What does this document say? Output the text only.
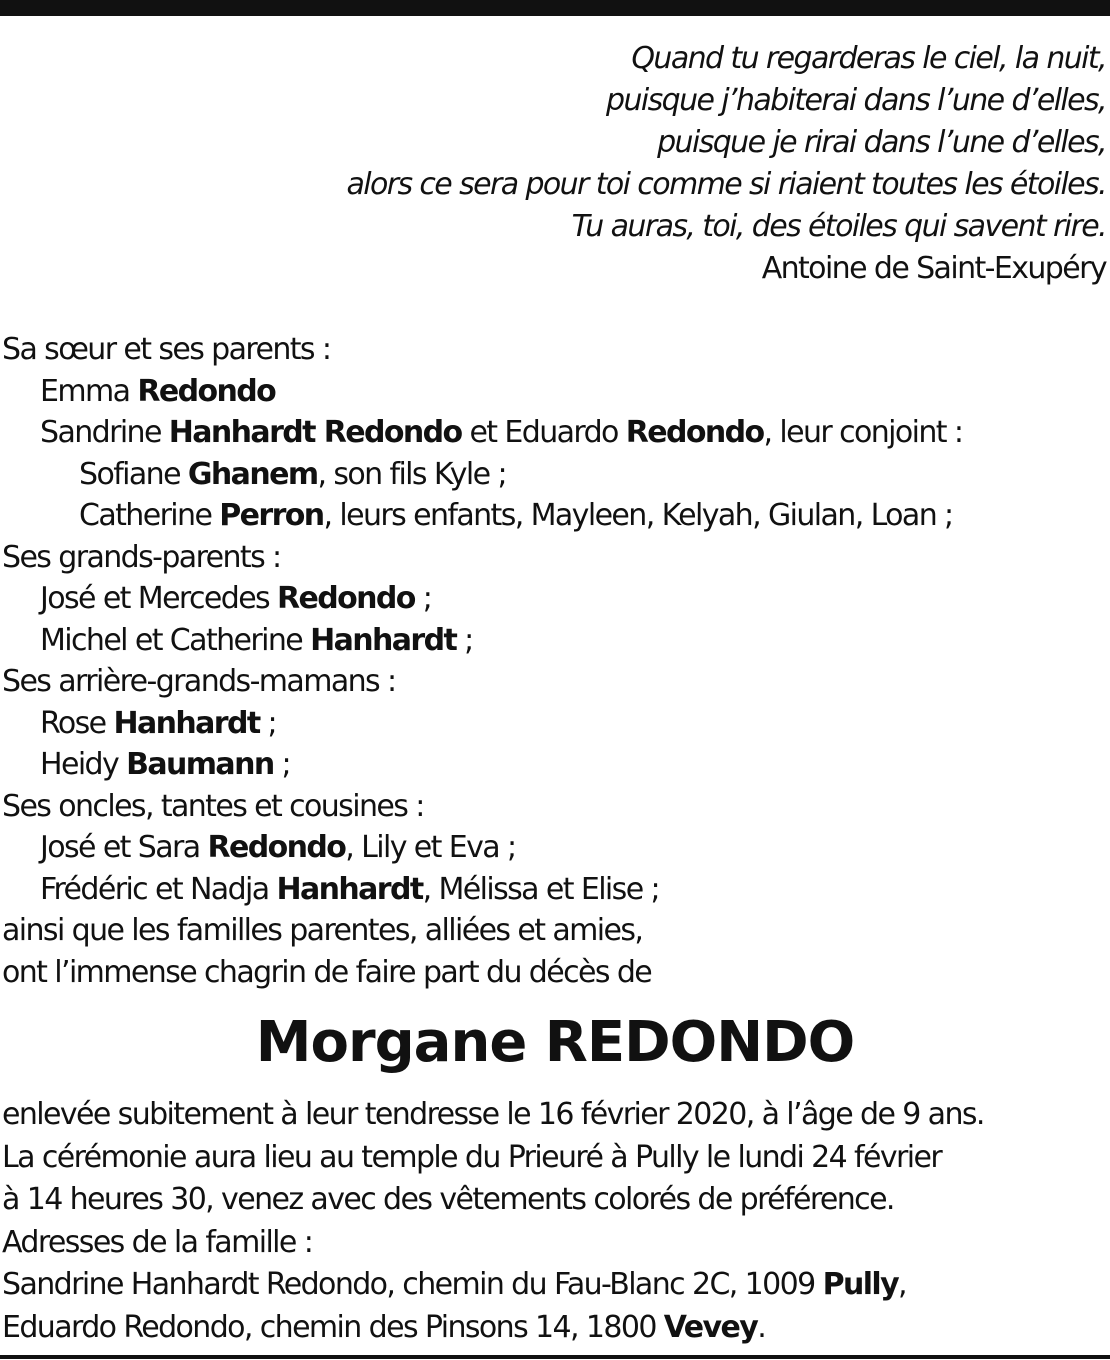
Quand tu regarderas le ciel, la nuit,
puisque j’habiterai dans l’une d’elles,
puisque je rirai dans l’une d’elles,
alors ce sera pour toi comme si riaient toutes les étoiles.
Tu auras, toi, des étoiles qui savent rire.
Antoine de Saint-Exupéry
Sa sœur et ses parents :
Emma Redondo
Sandrine Hanhardt Redondo et Eduardo Redondo, leur conjoint :
Sofiane Ghanem, son fils Kyle ;
Catherine Perron, leurs enfants, Mayleen, Kelyah, Giulan, Loan ;
Ses grands-parents :
José et Mercedes Redondo ;
Michel et Catherine Hanhardt ;
Ses arrière-grands-mamans :
Rose Hanhardt ;
Heidy Baumann ;
Ses oncles, tantes et cousines :
José et Sara Redondo, Lily et Eva ;
Frédéric et Nadja Hanhardt, Mélissa et Elise ;
ainsi que les familles parentes, alliées et amies,
ont l’immense chagrin de faire part du décès de
Morgane REDONDO
enlevée subitement à leur tendresse le 16 février 2020, à l’âge de 9 ans.
La cérémonie aura lieu au temple du Prieuré à Pully le lundi 24 février
à 14 heures 30, venez avec des vêtements colorés de préférence.
Adresses de la famille :
Sandrine Hanhardt Redondo, chemin du Fau-Blanc 2C, 1009 Pully,
Eduardo Redondo, chemin des Pinsons 14, 1800 Vevey.
